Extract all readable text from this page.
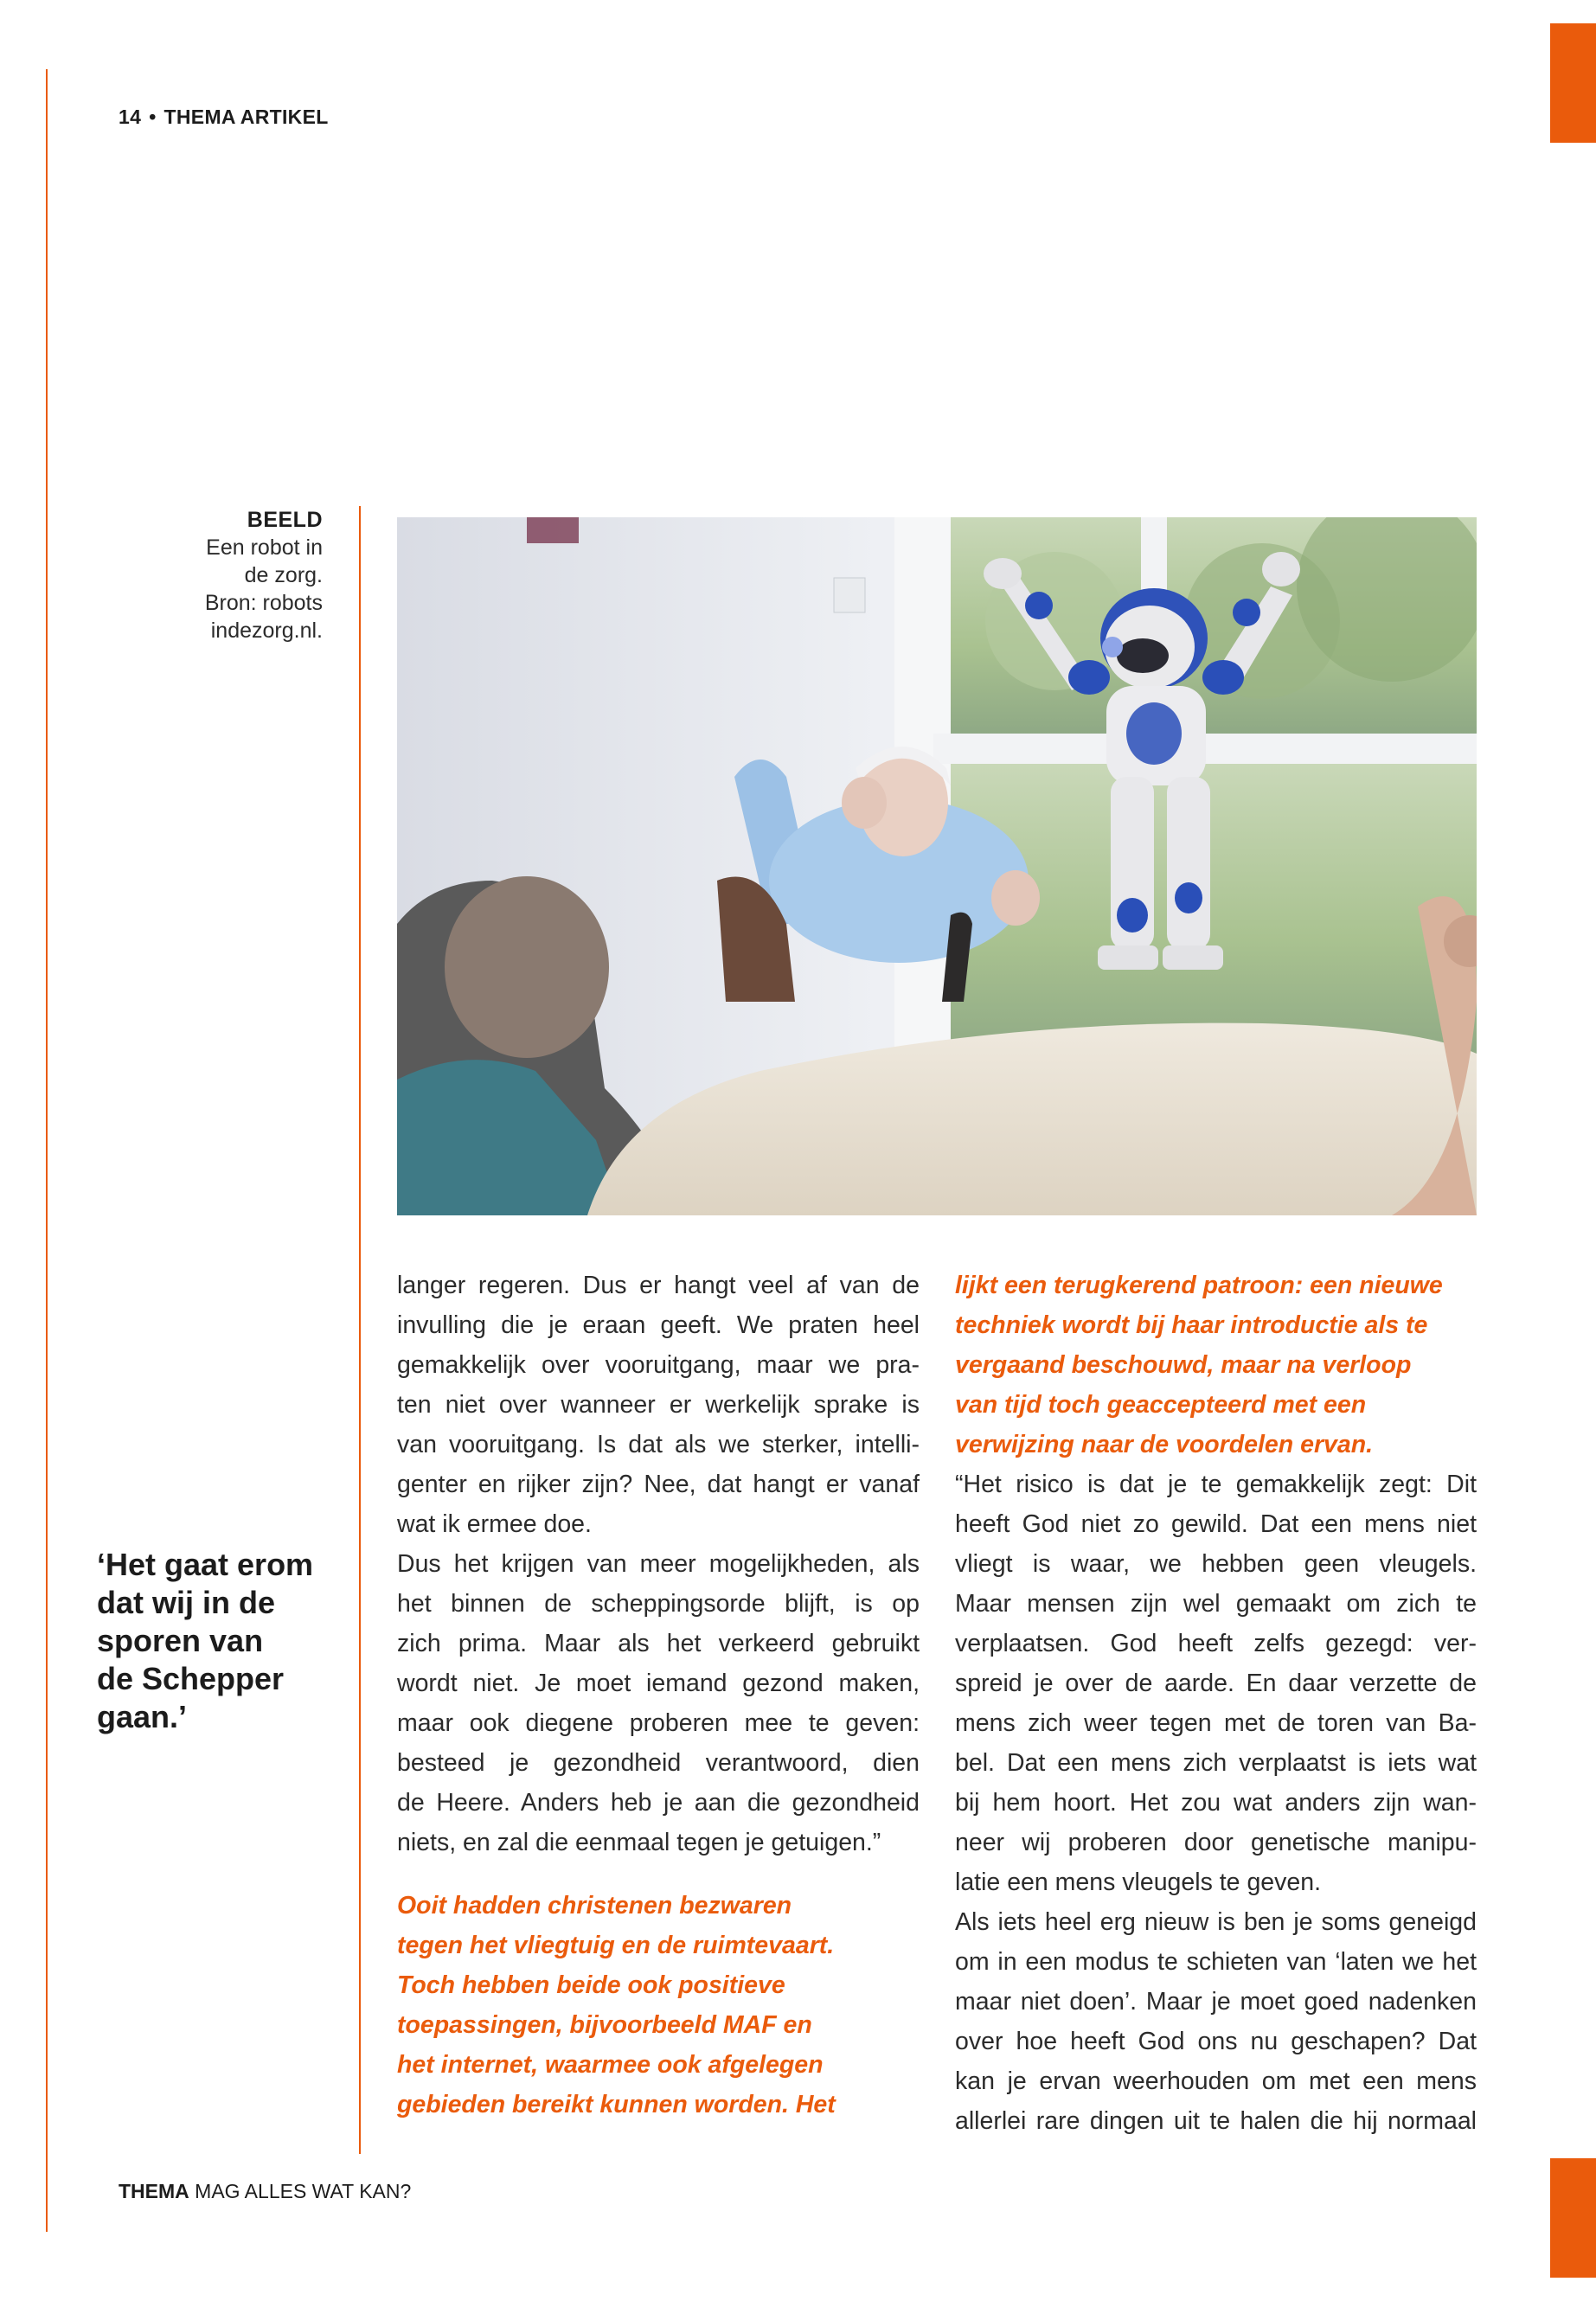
14 • THEMA ARTIKEL
BEELD
Een robot in
de zorg.
Bron: robots
indezorg.nl.
‘Het gaat erom
dat wij in de
sporen van
de Schepper
gaan.’
langer regeren. Dus er hangt veel af van de
invulling die je eraan geeft. We praten heel
gemakkelijk over vooruitgang, maar we pra-
ten niet over wanneer er werkelijk sprake is
van vooruitgang. Is dat als we sterker, intelli-
genter en rijker zijn? Nee, dat hangt er vanaf
wat ik ermee doe.
Dus het krijgen van meer mogelijkheden, als
het binnen de scheppingsorde blijft, is op
zich prima. Maar als het verkeerd gebruikt
wordt niet. Je moet iemand gezond maken,
maar ook diegene proberen mee te geven:
besteed je gezondheid verantwoord, dien
de Heere. Anders heb je aan die gezondheid
niets, en zal die eenmaal tegen je getuigen.”
Ooit hadden christenen bezwaren
tegen het vliegtuig en de ruimtevaart.
Toch hebben beide ook positieve
toepassingen, bijvoorbeeld MAF en
het internet, waarmee ook afgelegen
gebieden bereikt kunnen worden. Het
lijkt een terugkerend patroon: een nieuwe
techniek wordt bij haar introductie als te
vergaand beschouwd, maar na verloop
van tijd toch geaccepteerd met een
verwijzing naar de voordelen ervan.
“Het risico is dat je te gemakkelijk zegt: Dit
heeft God niet zo gewild. Dat een mens niet
vliegt is waar, we hebben geen vleugels.
Maar mensen zijn wel gemaakt om zich te
verplaatsen. God heeft zelfs gezegd: ver-
spreid je over de aarde. En daar verzette de
mens zich weer tegen met de toren van Ba-
bel. Dat een mens zich verplaatst is iets wat
bij hem hoort. Het zou wat anders zijn wan-
neer wij proberen door genetische manipu-
latie een mens vleugels te geven.
Als iets heel erg nieuw is ben je soms geneigd
om in een modus te schieten van ‘laten we het
maar niet doen’. Maar je moet goed nadenken
over hoe heeft God ons nu geschapen? Dat
kan je ervan weerhouden om met een mens
allerlei rare dingen uit te halen die hij normaal
THEMA MAG ALLES WAT KAN?
